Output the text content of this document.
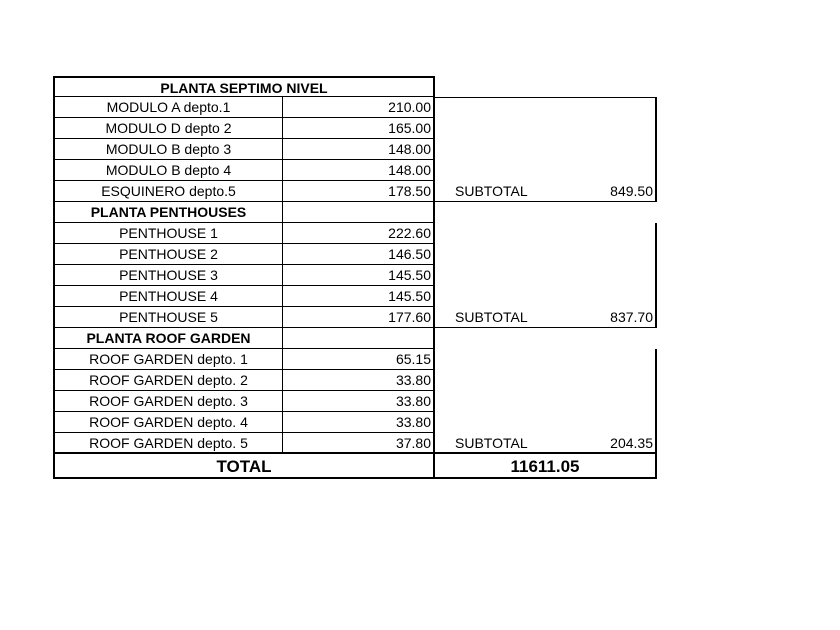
PLANTA SEPTIMO NIVEL
MODULO A depto.1	210.00
MODULO D depto 2	165.00
MODULO B depto 3	148.00
MODULO B depto 4	148.00
ESQUINERO depto.5	178.50	SUBTOTAL	849.50
PLANTA PENTHOUSES
PENTHOUSE 1	222.60
PENTHOUSE 2	146.50
PENTHOUSE 3	145.50
PENTHOUSE 4	145.50
PENTHOUSE 5	177.60	SUBTOTAL	837.70
PLANTA ROOF GARDEN
ROOF GARDEN depto. 1	65.15
ROOF GARDEN depto. 2	33.80
ROOF GARDEN depto. 3	33.80
ROOF GARDEN depto. 4	33.80
ROOF GARDEN depto. 5	37.80	SUBTOTAL	204.35
TOTAL	11611.05
